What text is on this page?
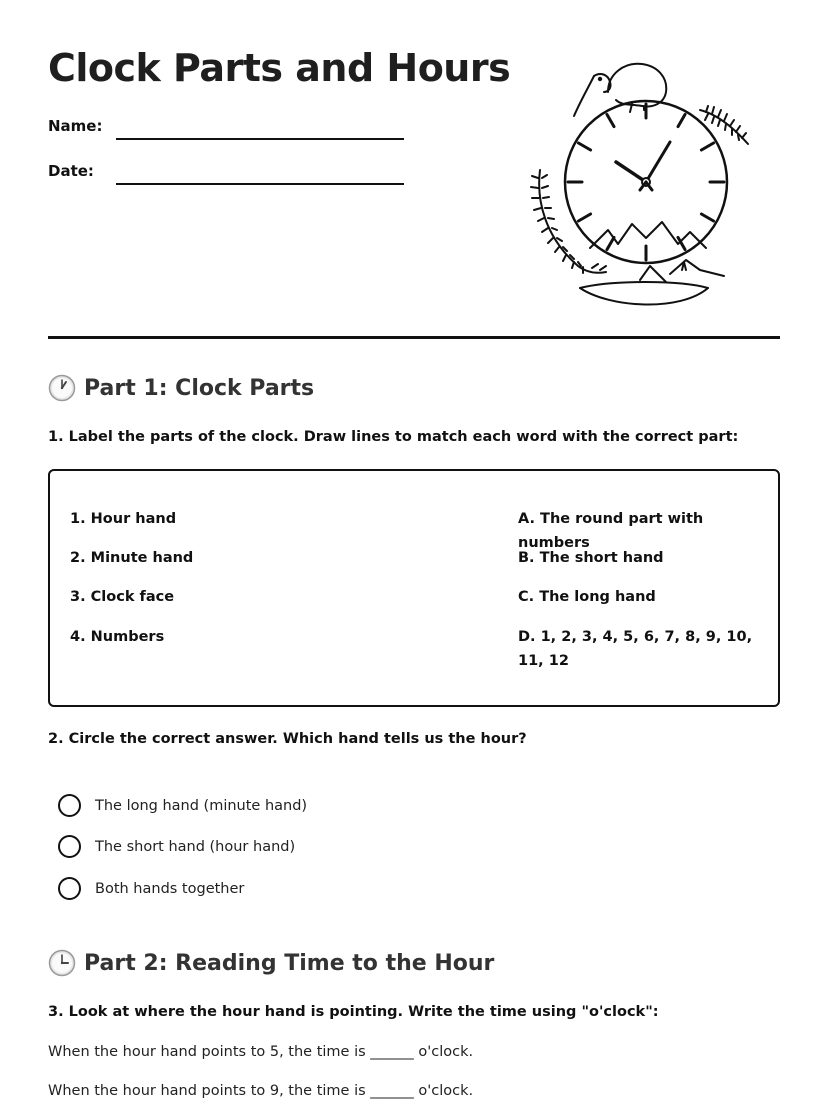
Clock Parts and Hours
Name:
Date:
Part 1: Clock Parts
1. Label the parts of the clock. Draw lines to match each word with the correct part:
1. Hour hand
2. Minute hand
3. Clock face
4. Numbers
A. The round part with numbers
B. The short hand
C. The long hand
D. 1, 2, 3, 4, 5, 6, 7, 8, 9, 10, 11, 12
2. Circle the correct answer. Which hand tells us the hour?
The long hand (minute hand)
The short hand (hour hand)
Both hands together
Part 2: Reading Time to the Hour
3. Look at where the hour hand is pointing. Write the time using "o'clock":
When the hour hand points to 5, the time is ______ o'clock.
When the hour hand points to 9, the time is ______ o'clock.
